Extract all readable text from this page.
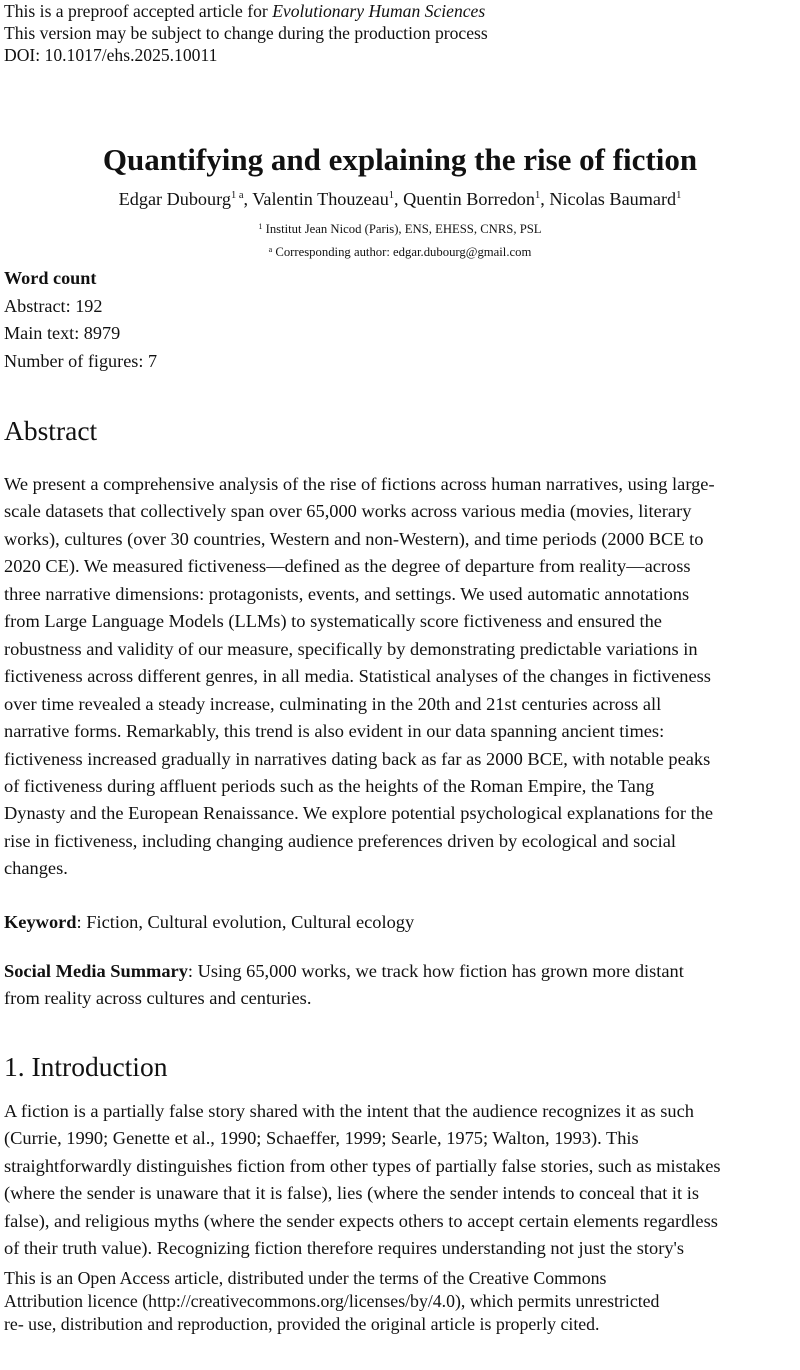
This is a preproof accepted article for Evolutionary Human Sciences
This version may be subject to change during the production process
DOI: 10.1017/ehs.2025.10011
Quantifying and explaining the rise of fiction
Edgar Dubourg$^{1 a}$, Valentin Thouzeau$^1$, Quentin Borredon$^1$, Nicolas Baumard$^1$
$^1$ Institut Jean Nicod (Paris), ENS, EHESS, CNRS, PSL
$^a$ Corresponding author: edgar.dubourg@gmail.com
Word count
Abstract: 192
Main text: 8979
Number of figures: 7
Abstract
We present a comprehensive analysis of the rise of fictions across human narratives, using large-
scale datasets that collectively span over 65,000 works across various media (movies, literary
works), cultures (over 30 countries, Western and non-Western), and time periods (2000 BCE to
2020 CE). We measured fictiveness—defined as the degree of departure from reality—across
three narrative dimensions: protagonists, events, and settings. We used automatic annotations
from Large Language Models (LLMs) to systematically score fictiveness and ensured the
robustness and validity of our measure, specifically by demonstrating predictable variations in
fictiveness across different genres, in all media. Statistical analyses of the changes in fictiveness
over time revealed a steady increase, culminating in the 20th and 21st centuries across all
narrative forms. Remarkably, this trend is also evident in our data spanning ancient times:
fictiveness increased gradually in narratives dating back as far as 2000 BCE, with notable peaks
of fictiveness during affluent periods such as the heights of the Roman Empire, the Tang
Dynasty and the European Renaissance. We explore potential psychological explanations for the
rise in fictiveness, including changing audience preferences driven by ecological and social
changes.
Keyword: Fiction, Cultural evolution, Cultural ecology
Social Media Summary: Using 65,000 works, we track how fiction has grown more distant
from reality across cultures and centuries.
1. Introduction
A fiction is a partially false story shared with the intent that the audience recognizes it as such
(Currie, 1990; Genette et al., 1990; Schaeffer, 1999; Searle, 1975; Walton, 1993). This
straightforwardly distinguishes fiction from other types of partially false stories, such as mistakes
(where the sender is unaware that it is false), lies (where the sender intends to conceal that it is
false), and religious myths (where the sender expects others to accept certain elements regardless
of their truth value). Recognizing fiction therefore requires understanding not just the story's
This is an Open Access article, distributed under the terms of the Creative Commons
Attribution licence (http://creativecommons.org/licenses/by/4.0), which permits unrestricted
re- use, distribution and reproduction, provided the original article is properly cited.
